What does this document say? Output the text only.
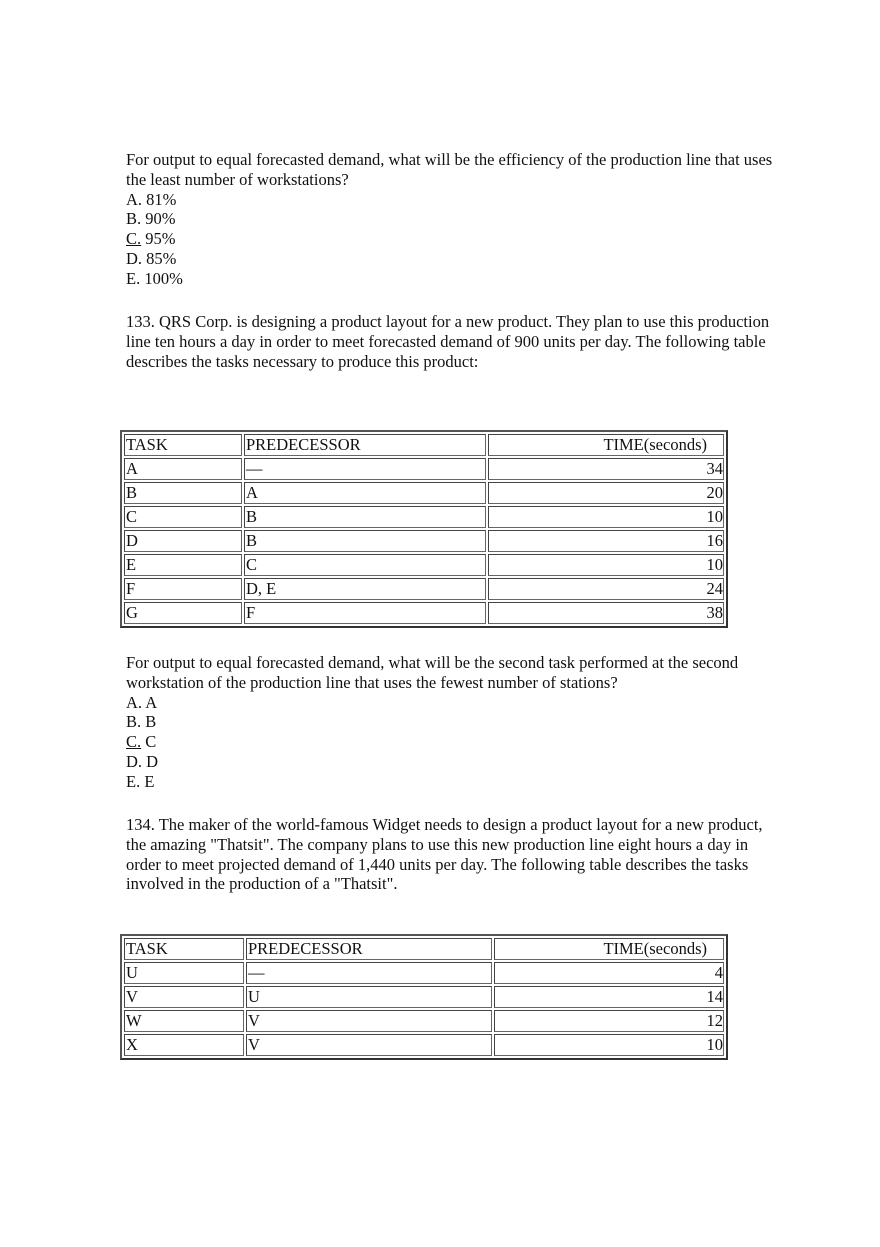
For output to equal forecasted demand, what will be the efficiency of the production line that uses the least number of workstations?

A. 81%

B. 90%

C. 95%

D. 85%

E. 100%

133. QRS Corp. is designing a product layout for a new product. They plan to use this production line ten hours a day in order to meet forecasted demand of 900 units per day. The following table describes the tasks necessary to produce this product:

TASK	PREDECESSOR	TIME(seconds)
A	—	34
B	A	20
C	B	10
D	B	16
E	C	10
F	D, E	24
G	F	38

For output to equal forecasted demand, what will be the second task performed at the second workstation of the production line that uses the fewest number of stations?

A. A

B. B

C. C

D. D

E. E

134. The maker of the world-famous Widget needs to design a product layout for a new product, the amazing "Thatsit". The company plans to use this new production line eight hours a day in order to meet projected demand of 1,440 units per day. The following table describes the tasks involved in the production of a "Thatsit".

TASK	PREDECESSOR	TIME(seconds)
U	—	4
V	U	14
W	V	12
X	V	10
